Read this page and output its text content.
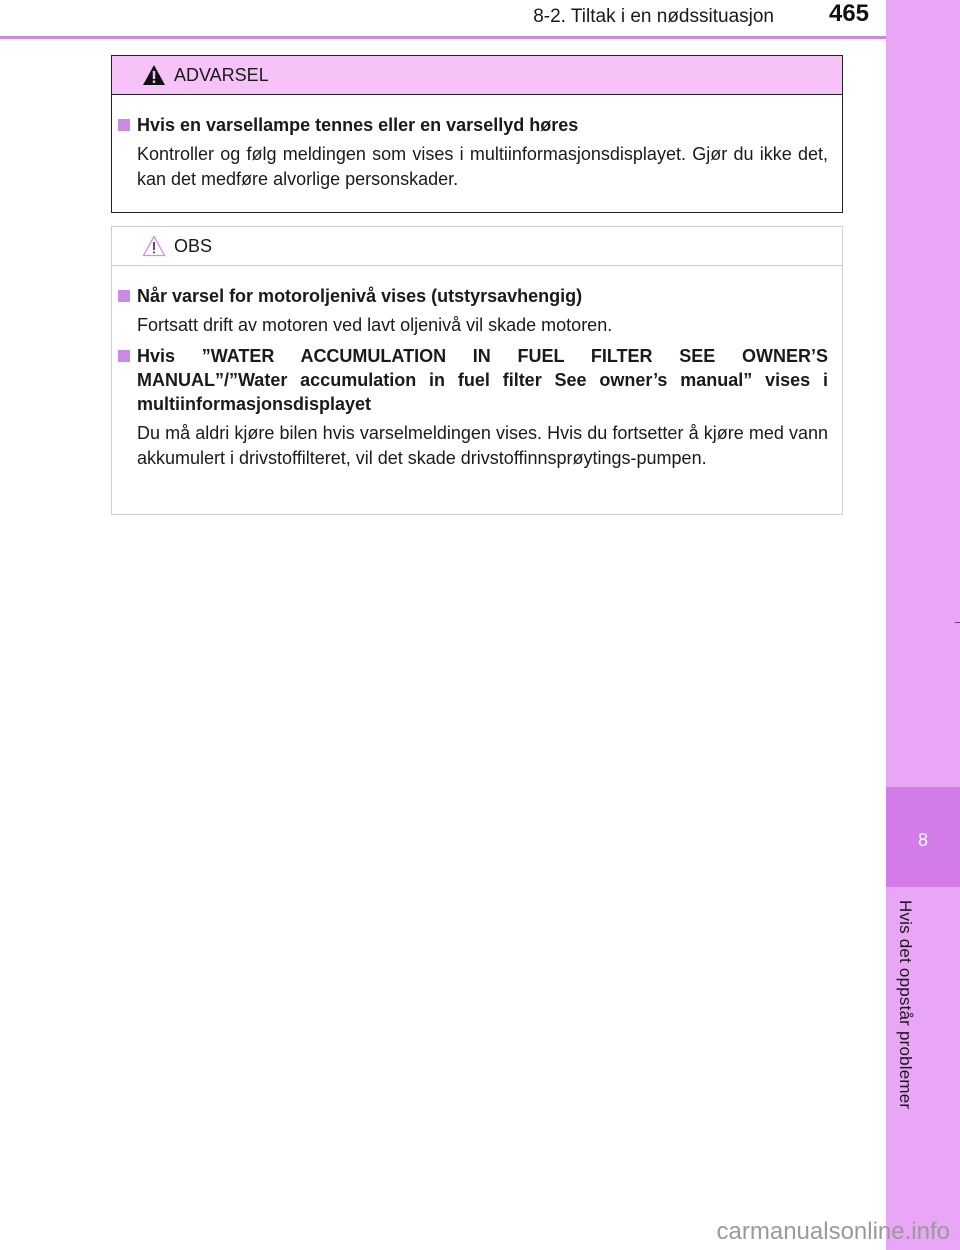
8-2. Tiltak i en nødssituasjon	465
8
Hvis det oppstår problemer
ADVARSEL
Hvis en varsellampe tennes eller en varsellyd høres
Kontroller og følg meldingen som vises i multiinformasjonsdisplayet. Gjør du ikke det, kan det medføre alvorlige personskader.
OBS
Når varsel for motoroljenivå vises (utstyrsavhengig)
Fortsatt drift av motoren ved lavt oljenivå vil skade motoren.
Hvis ”WATER ACCUMULATION IN FUEL FILTER SEE OWNER’S MANUAL”/”Water accumulation in fuel filter See owner’s manual” vises i multiinformasjonsdisplayet
Du må aldri kjøre bilen hvis varselmeldingen vises. Hvis du fortsetter å kjøre med vann akkumulert i drivstoffilteret, vil det skade drivstoffinnsprøytings-pumpen.
carmanualsonline.info
